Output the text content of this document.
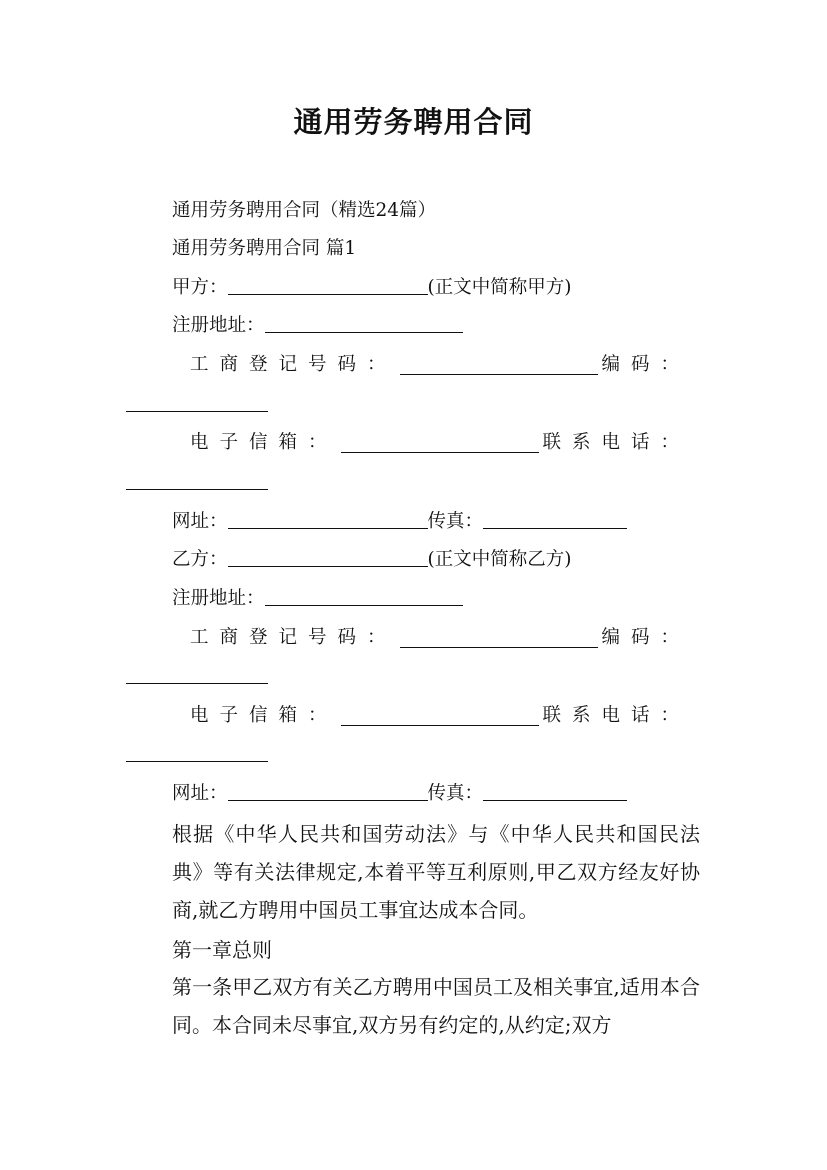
通用劳务聘用合同
通用劳务聘用合同（精选24篇）
通用劳务聘用合同 篇1
甲方：	(正文中简称甲方)
注册地址：
工商登记号码：	编码：
电子信箱：	联系电话：
网址：	传真：
乙方：	(正文中简称乙方)
注册地址：
工商登记号码：	编码：
电子信箱：	联系电话：
网址：	传真：
根据《中华人民共和国劳动法》与《中华人民共和国民法典》等有关法律规定,本着平等互利原则,甲乙双方经友好协商,就乙方聘用中国员工事宜达成本合同。
第一章总则
第一条甲乙双方有关乙方聘用中国员工及相关事宜,适用本合同。本合同未尽事宜,双方另有约定的,从约定;双方
